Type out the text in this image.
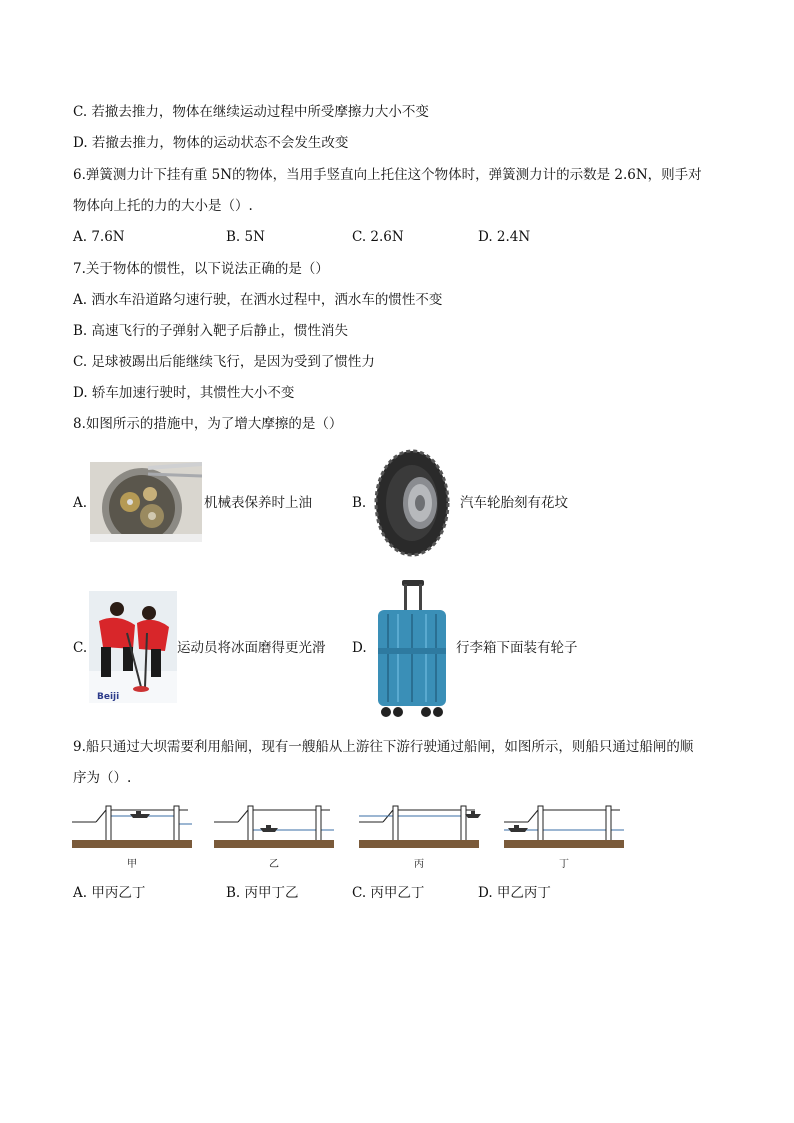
C. 若撤去推力，物体在继续运动过程中所受摩擦力大小不变
D. 若撤去推力，物体的运动状态不会发生改变
6.弹簧测力计下挂有重 5N的物体，当用手竖直向上托住这个物体时，弹簧测力计的示数是 2.6N，则手对
物体向上托的力的大小是（）.
A. 7.6N	B. 5N	C. 2.6N	D. 2.4N
7.关于物体的惯性，以下说法正确的是（）
A. 洒水车沿道路匀速行驶，在洒水过程中，洒水车的惯性不变
B. 高速飞行的子弹射入靶子后静止，惯性消失
C. 足球被踢出后能继续飞行，是因为受到了惯性力
D. 轿车加速行驶时，其惯性大小不变
8.如图所示的措施中，为了增大摩擦的是（）
A.	机械表保养时上油	B.	汽车轮胎刻有花坟
C.
Beiji
运动员将冰面磨得更光滑 D.	行李箱下面装有轮子
9.船只通过大坝需要利用船闸，现有一艘船从上游往下游行驶通过船闸，如图所示，则船只通过船闸的顺
序为（）.
甲	乙	丙	丁
A. 甲丙乙丁	B. 丙甲丁乙	C. 丙甲乙丁	D. 甲乙丙丁
